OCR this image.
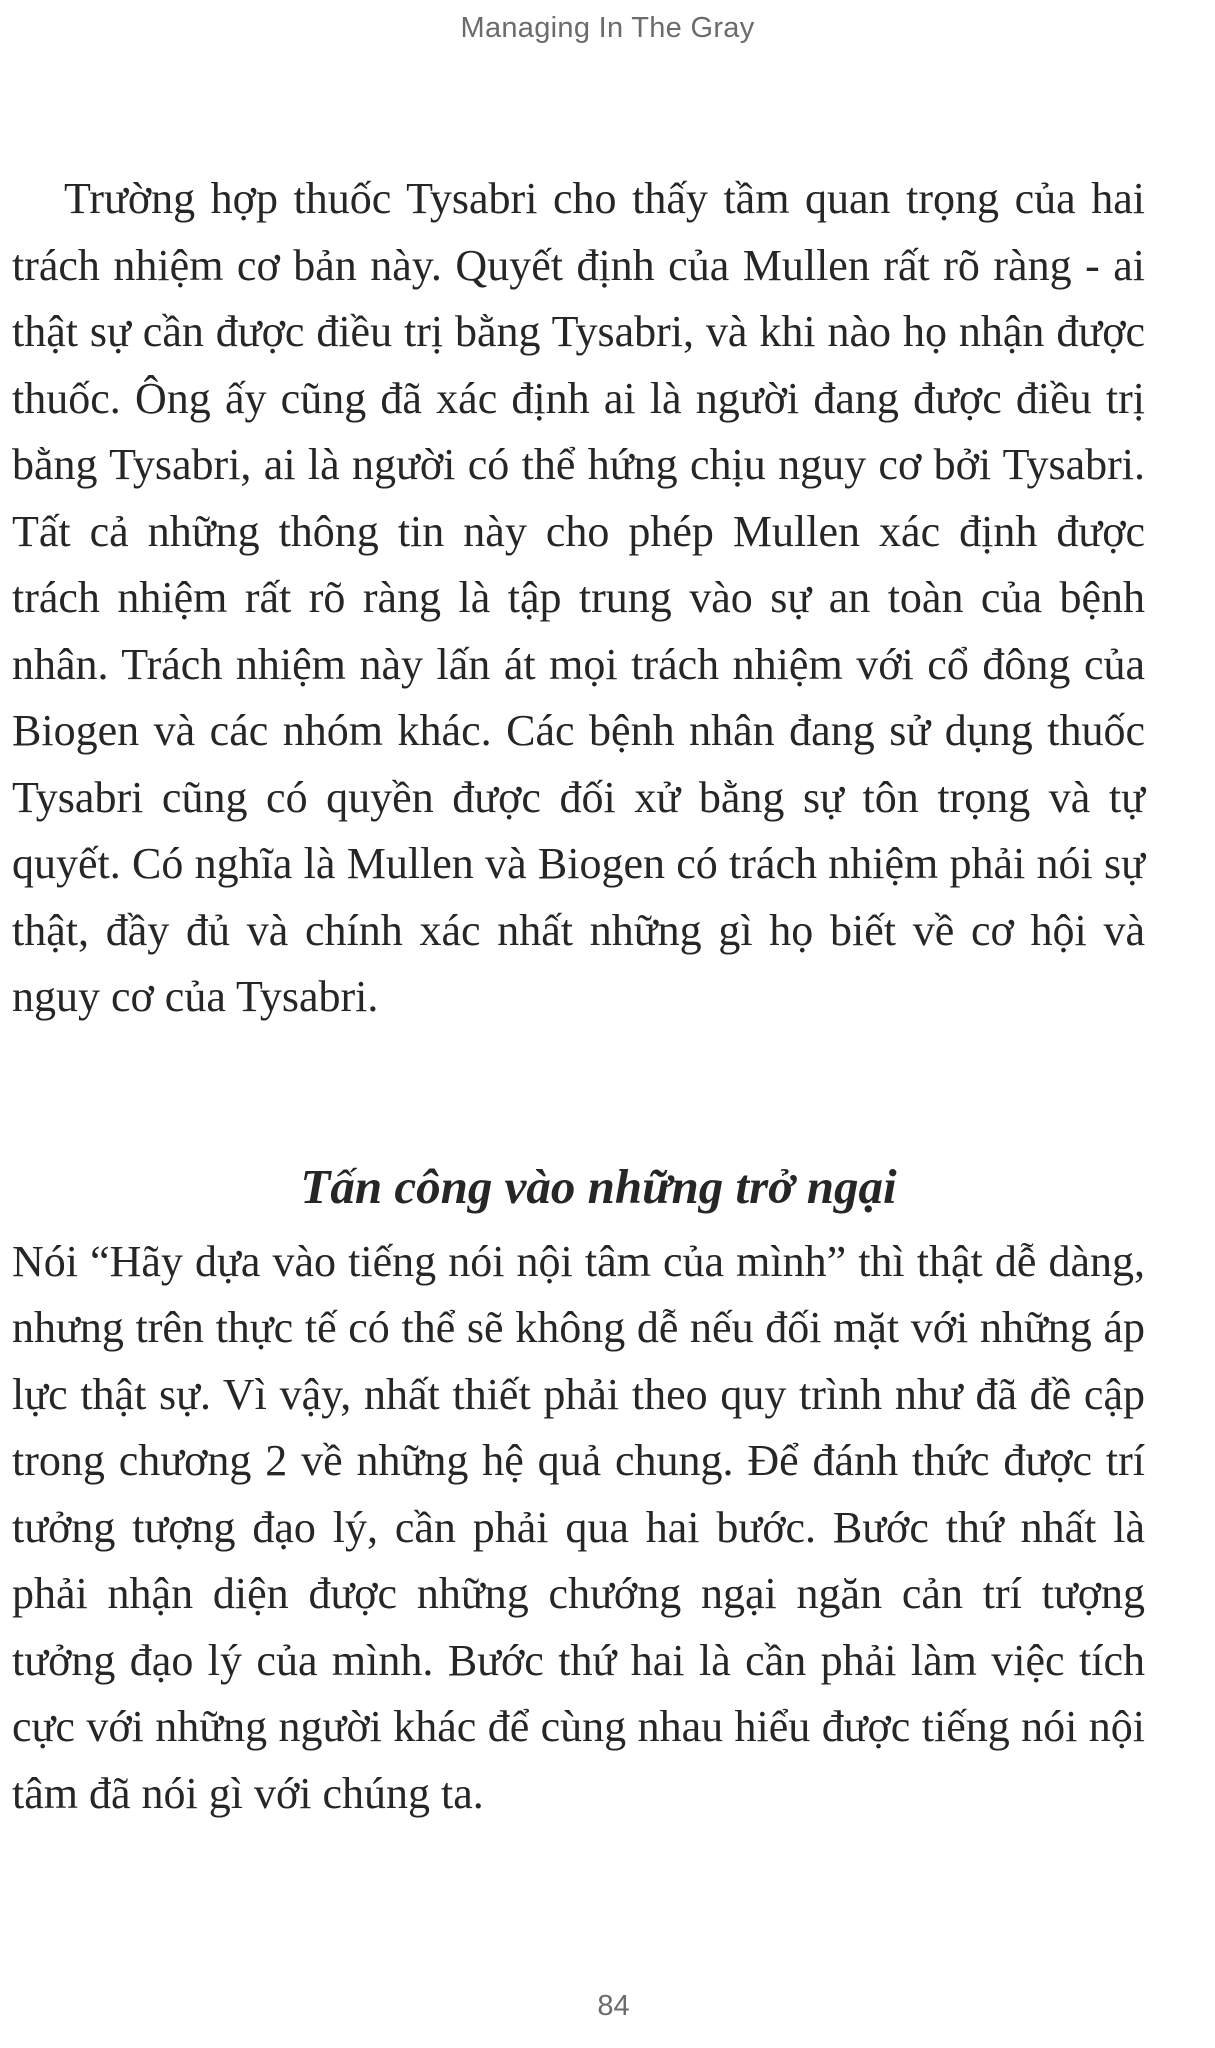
Managing In The Gray

Trường hợp thuốc Tysabri cho thấy tầm quan trọng của hai trách nhiệm cơ bản này. Quyết định của Mullen rất rõ ràng - ai thật sự cần được điều trị bằng Tysabri, và khi nào họ nhận được thuốc. Ông ấy cũng đã xác định ai là người đang được điều trị bằng Tysabri, ai là người có thể hứng chịu nguy cơ bởi Tysabri. Tất cả những thông tin này cho phép Mullen xác định được trách nhiệm rất rõ ràng là tập trung vào sự an toàn của bệnh nhân. Trách nhiệm này lấn át mọi trách nhiệm với cổ đông của Biogen và các nhóm khác. Các bệnh nhân đang sử dụng thuốc Tysabri cũng có quyền được đối xử bằng sự tôn trọng và tự quyết. Có nghĩa là Mullen và Biogen có trách nhiệm phải nói sự thật, đầy đủ và chính xác nhất những gì họ biết về cơ hội và nguy cơ của Tysabri.

Tấn công vào những trở ngại

Nói “Hãy dựa vào tiếng nói nội tâm của mình” thì thật dễ dàng, nhưng trên thực tế có thể sẽ không dễ nếu đối mặt với những áp lực thật sự. Vì vậy, nhất thiết phải theo quy trình như đã đề cập trong chương 2 về những hệ quả chung. Để đánh thức được trí tưởng tượng đạo lý, cần phải qua hai bước. Bước thứ nhất là phải nhận diện được những chướng ngại ngăn cản trí tượng tưởng đạo lý của mình. Bước thứ hai là cần phải làm việc tích cực với những người khác để cùng nhau hiểu được tiếng nói nội tâm đã nói gì với chúng ta.

84
